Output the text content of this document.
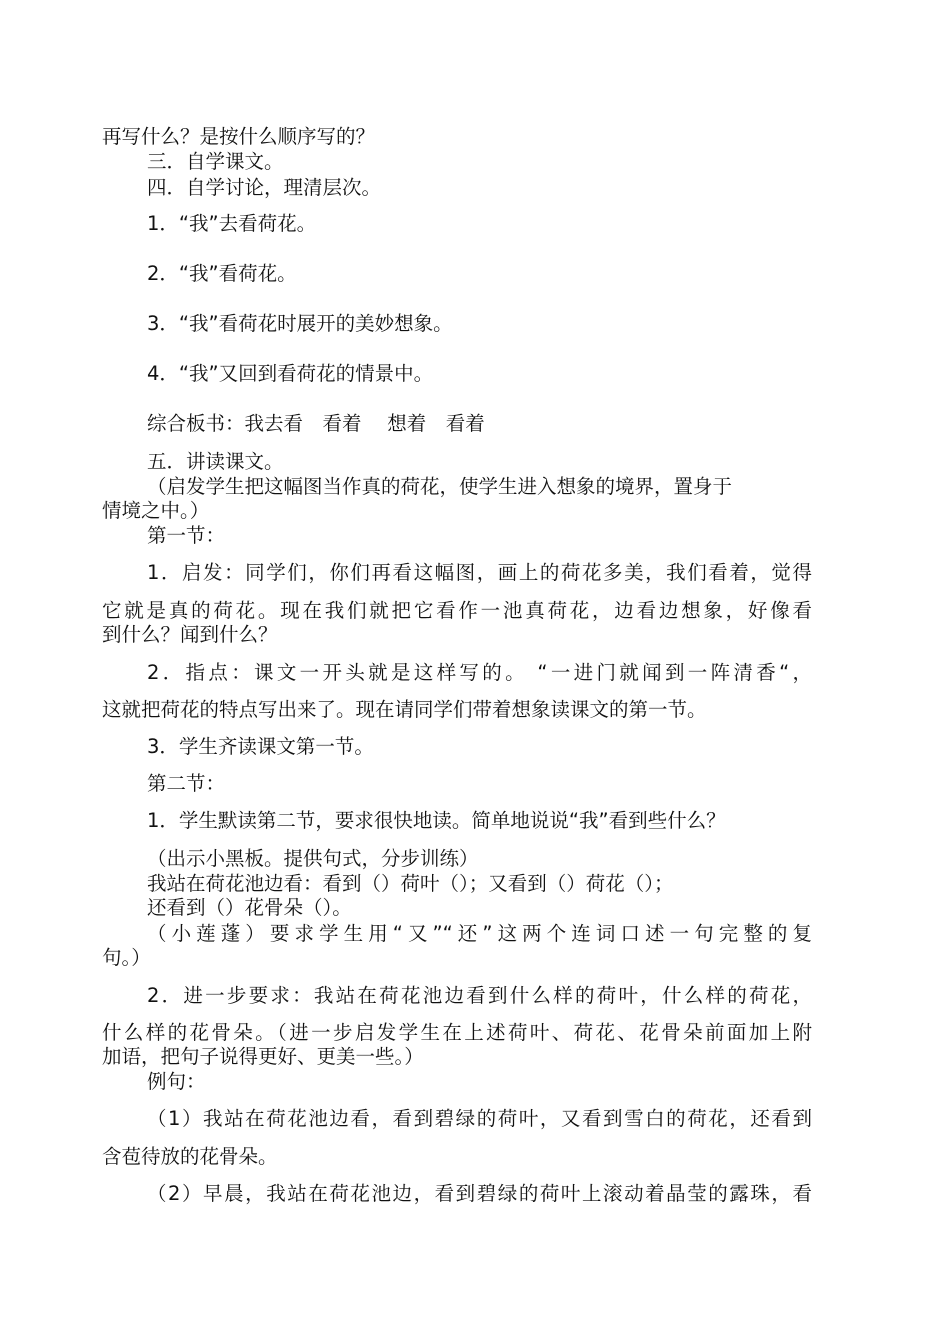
再写什么？是按什么顺序写的？

三．自学课文。

四．自学讨论，理清层次。

1．“我”去看荷花。

2．“我”看荷花。

3．“我”看荷花时展开的美妙想象。

4．“我”又回到看荷花的情景中。

综合板书：我去看　看着　 想着　看着

五．讲读课文。

（启发学生把这幅图当作真的荷花，使学生进入想象的境界，置身于

情境之中。）

第一节：

1．启发：同学们，你们再看这幅图，画上的荷花多美，我们看着，觉得

它就是真的荷花。现在我们就把它看作一池真荷花，边看边想象，好像看

到什么？闻到什么？

2．指点：课文一开头就是这样写的。 “一进门就闻到一阵清香“，

这就把荷花的特点写出来了。现在请同学们带着想象读课文的第一节。

3．学生齐读课文第一节。

第二节：

1．学生默读第二节，要求很快地读。简单地说说“我”看到些什么？

（出示小黑板。提供句式，分步训练）

我站在荷花池边看：看到（）荷叶（）；又看到（）荷花（）；

还看到（）花骨朵（）。

（小莲蓬）要求学生用“又”“还”这两个连词口述一句完整的复

句。）

2．进一步要求：我站在荷花池边看到什么样的荷叶，什么样的荷花，

什么样的花骨朵。（进一步启发学生在上述荷叶、荷花、花骨朵前面加上附

加语，把句子说得更好、更美一些。）

例句：

（1）我站在荷花池边看，看到碧绿的荷叶，又看到雪白的荷花，还看到

含苞待放的花骨朵。

（2）早晨，我站在荷花池边，看到碧绿的荷叶上滚动着晶莹的露珠，看
